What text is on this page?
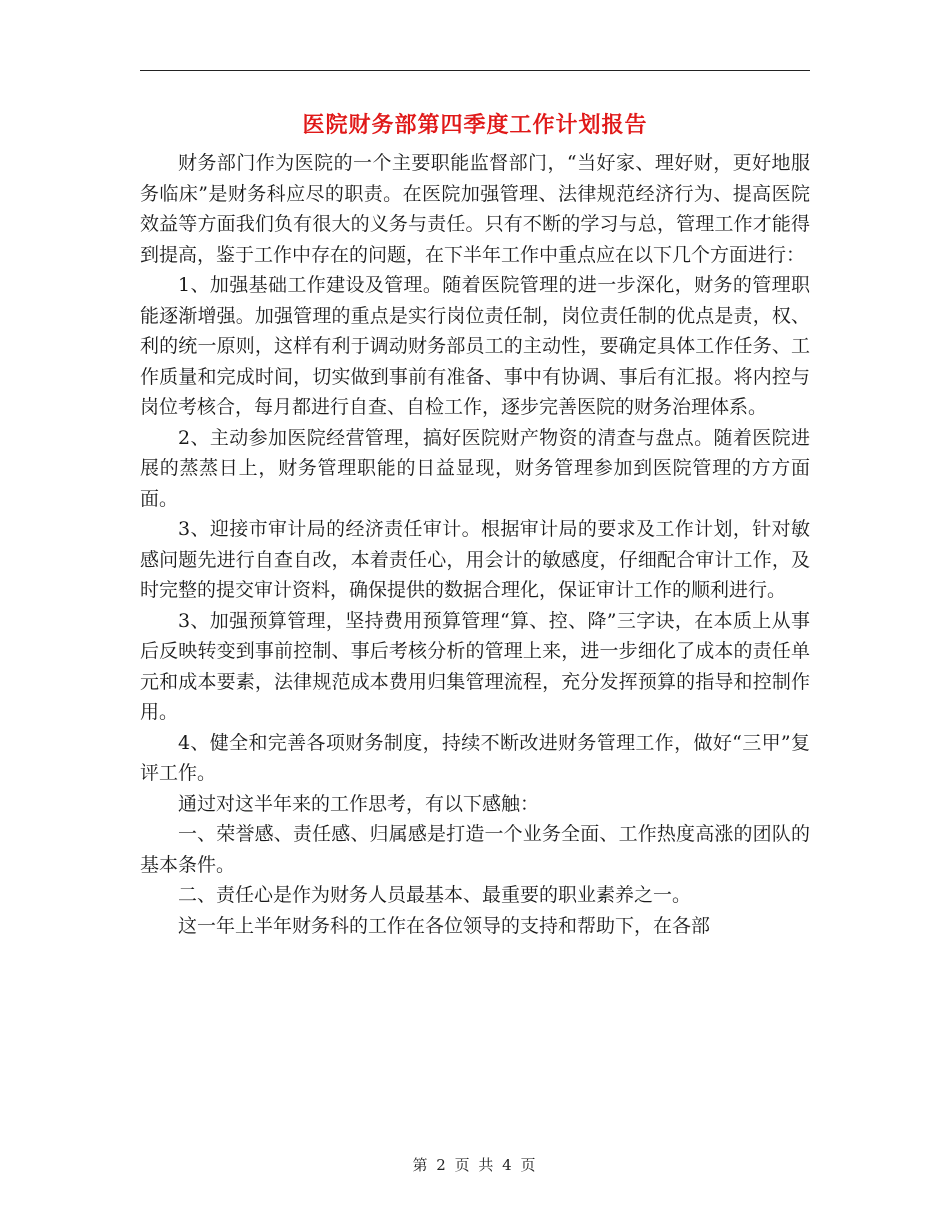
医院财务部第四季度工作计划报告

财务部门作为医院的一个主要职能监督部门，“当好家、理好财，更好地服务临床”是财务科应尽的职责。在医院加强管理、法律规范经济行为、提高医院效益等方面我们负有很大的义务与责任。只有不断的学习与总，管理工作才能得到提高，鉴于工作中存在的问题，在下半年工作中重点应在以下几个方面进行：

1、加强基础工作建设及管理。随着医院管理的进一步深化，财务的管理职能逐渐增强。加强管理的重点是实行岗位责任制，岗位责任制的优点是责，权、利的统一原则，这样有利于调动财务部员工的主动性，要确定具体工作任务、工作质量和完成时间，切实做到事前有准备、事中有协调、事后有汇报。将内控与岗位考核合，每月都进行自查、自检工作，逐步完善医院的财务治理体系。

2、主动参加医院经营管理，搞好医院财产物资的清查与盘点。随着医院进展的蒸蒸日上，财务管理职能的日益显现，财务管理参加到医院管理的方方面面。

3、迎接市审计局的经济责任审计。根据审计局的要求及工作计划，针对敏感问题先进行自查自改，本着责任心，用会计的敏感度，仔细配合审计工作，及时完整的提交审计资料，确保提供的数据合理化，保证审计工作的顺利进行。

3、加强预算管理，坚持费用预算管理“算、控、降”三字诀，在本质上从事后反映转变到事前控制、事后考核分析的管理上来，进一步细化了成本的责任单元和成本要素，法律规范成本费用归集管理流程，充分发挥预算的指导和控制作用。

4、健全和完善各项财务制度，持续不断改进财务管理工作，做好“三甲”复评工作。

通过对这半年来的工作思考，有以下感触：

一、荣誉感、责任感、归属感是打造一个业务全面、工作热度高涨的团队的基本条件。

二、责任心是作为财务人员最基本、最重要的职业素养之一。

这一年上半年财务科的工作在各位领导的支持和帮助下，在各部

第 2 页 共 4 页
